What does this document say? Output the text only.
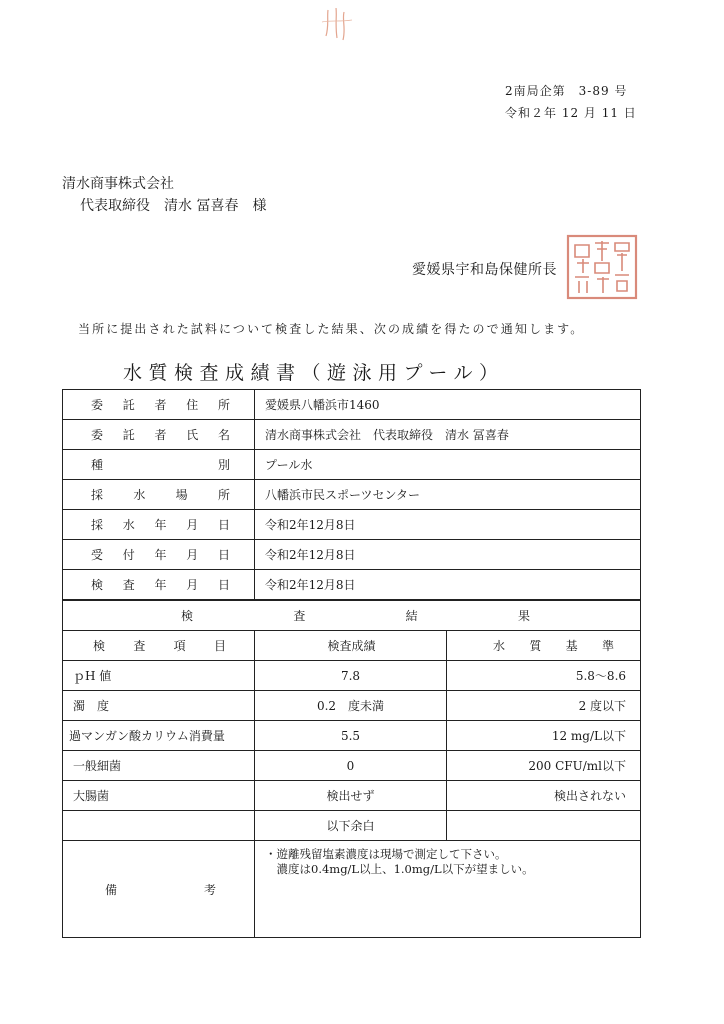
2南局企第　3-89 号
令和２年 12 月 11 日
清水商事株式会社
代表取締役　清水 冨喜春　様
愛媛県宇和島保健所長
当所に提出された試料について検査した結果、次の成績を得たので通知します。
水質検査成績書（遊泳用プール）
委託者住所	愛媛県八幡浜市1460	
委託者氏名	清水商事株式会社　代表取締役　清水 冨喜春	
種別	プール水	
採水場所	八幡浜市民スポーツセンター	
採水年月日	令和2年12月8日	
受付年月日	令和2年12月8日	
検査年月日	令和2年12月8日	
検査結果		
検査項目	検査成績	水質基準
ｐH 値	7.8	5.8～8.6
濁　度	0.2　度未満	2 度以下
過マンガン酸カリウム消費量	5.5	12 mg/L以下
一般細菌	0	200 CFU/ml以下
大腸菌	検出せず	検出されない
	以下余白	
備考	・遊離残留塩素濃度は現場で測定して下さい。
　濃度は0.4mg/L以上、1.0mg/L以下が望ましい。	
